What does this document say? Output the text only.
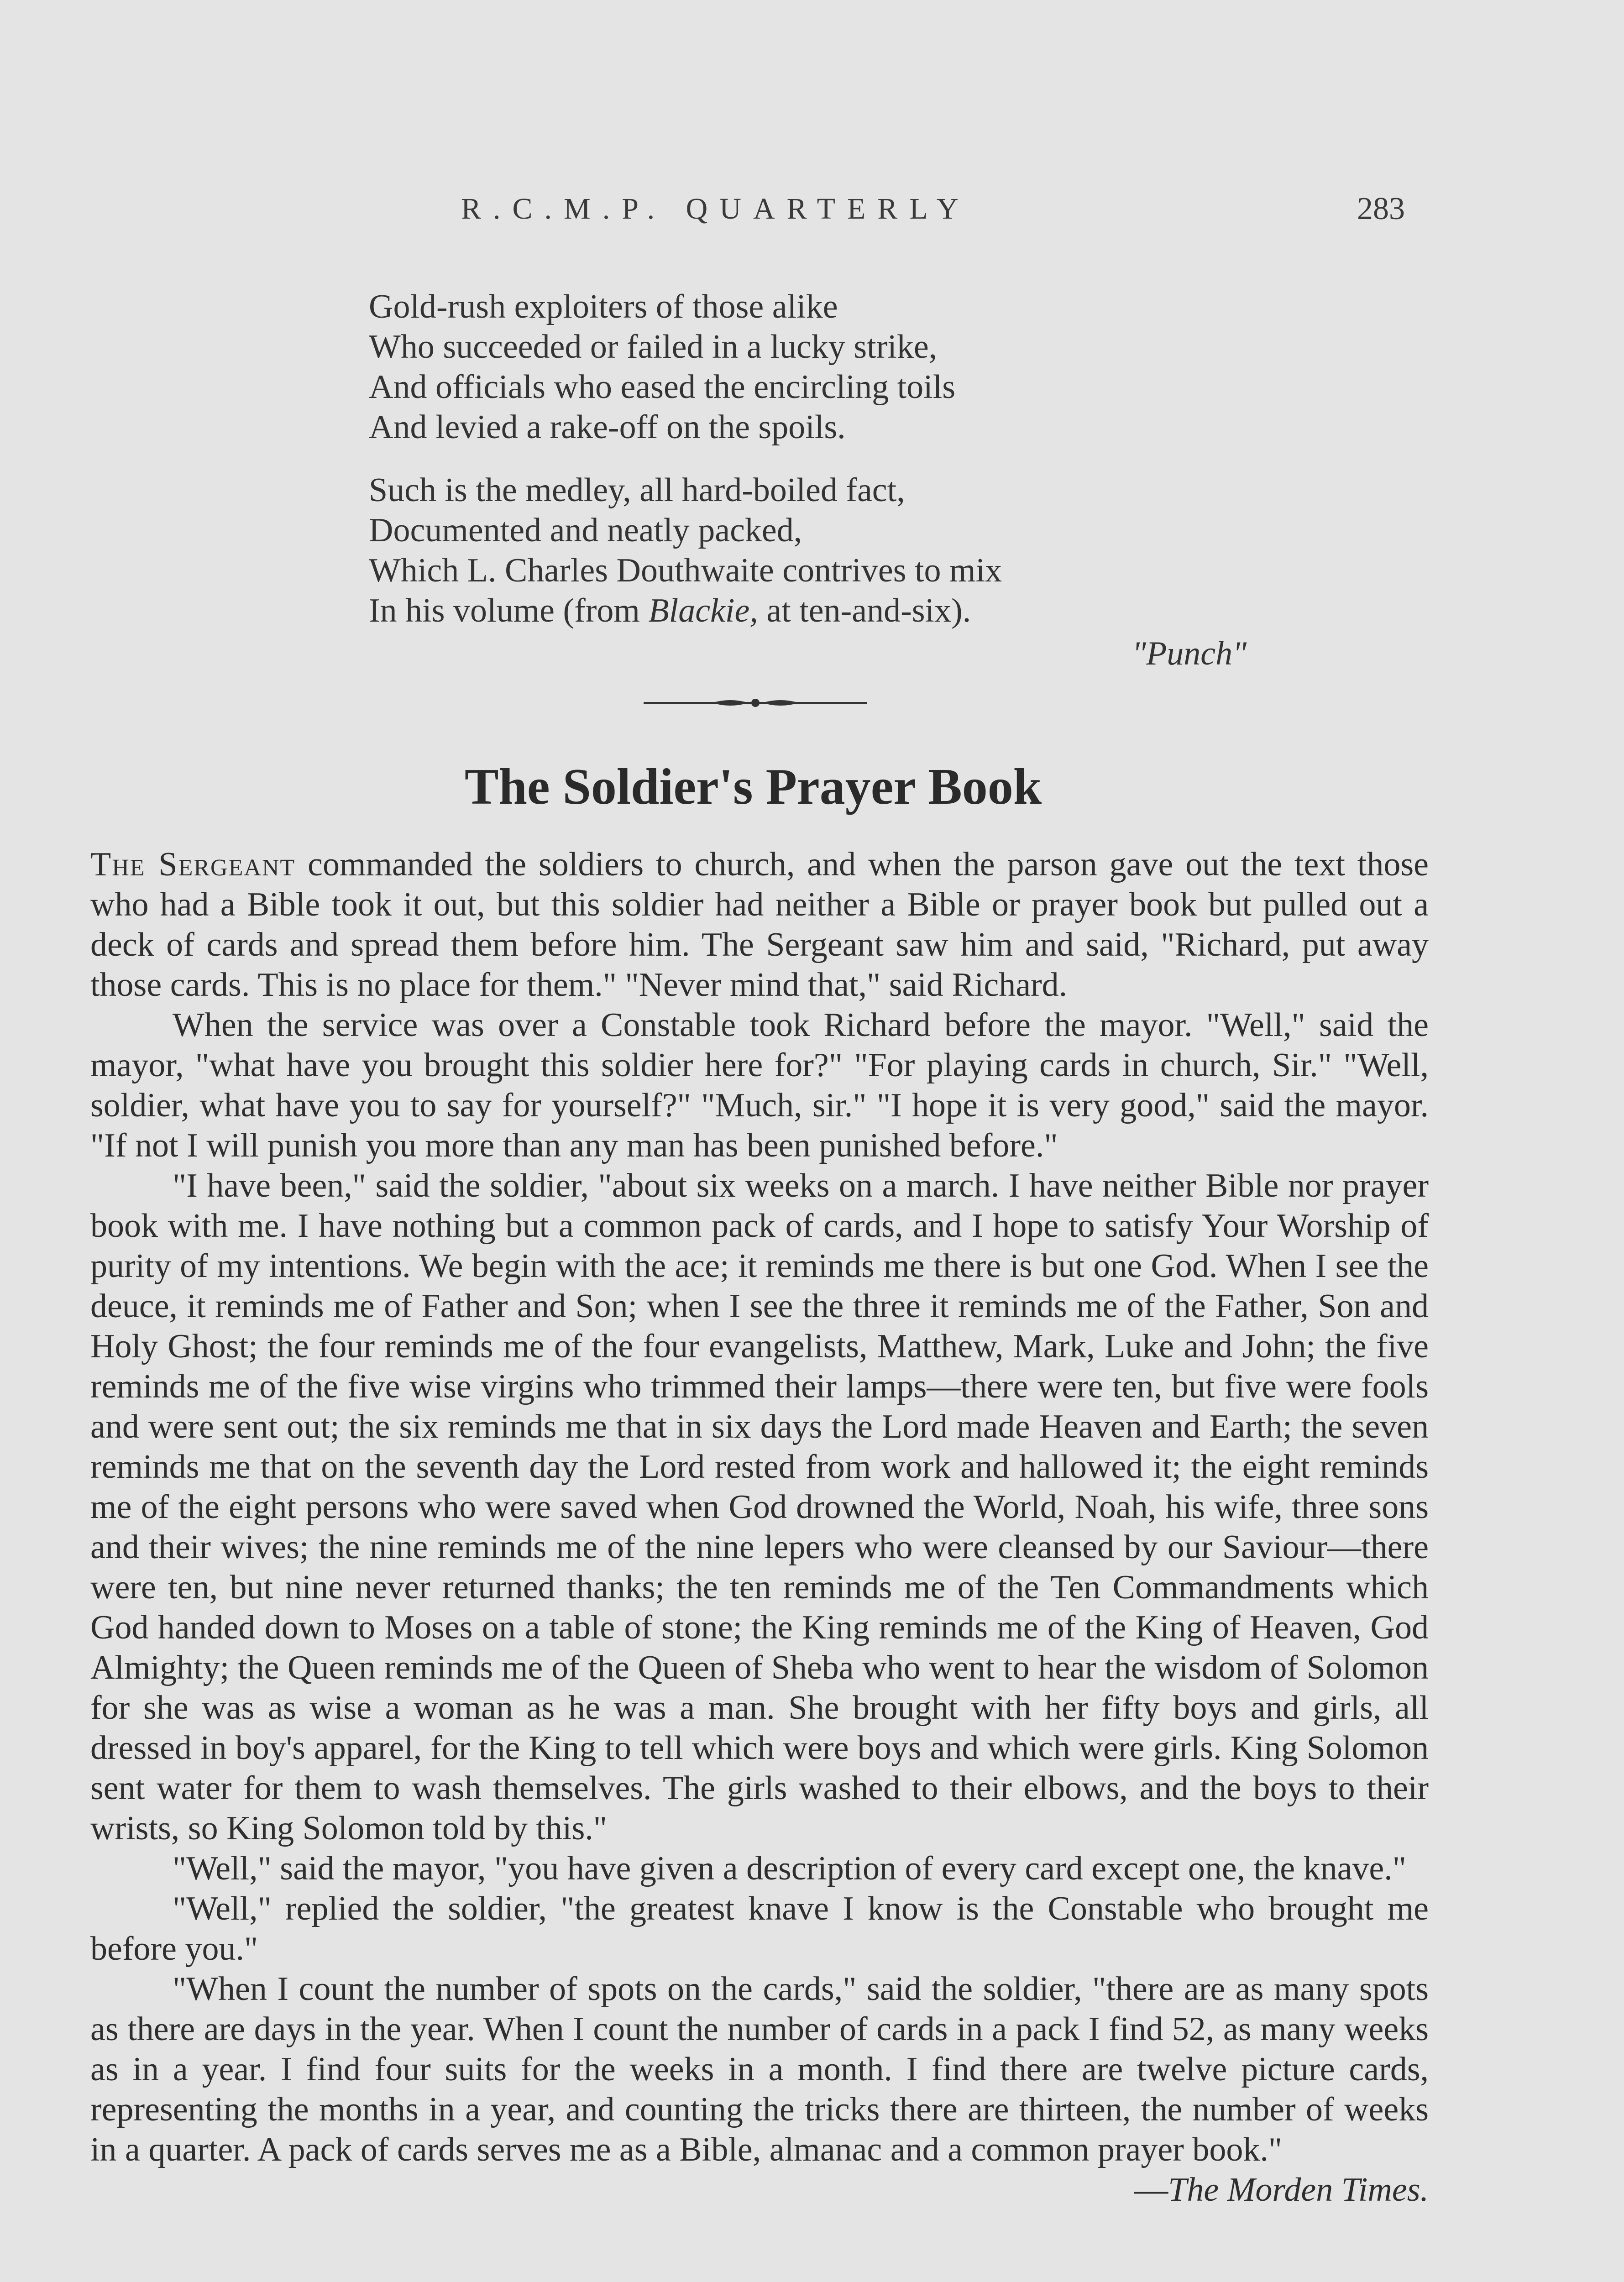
R.C.M.P. QUARTERLY	283
Gold-rush exploiters of those alike
Who succeeded or failed in a lucky strike,
And officials who eased the encircling toils
And levied a rake-off on the spoils.
Such is the medley, all hard-boiled fact,
Documented and neatly packed,
Which L. Charles Douthwaite contrives to mix
In his volume (from Blackie, at ten-and-six).
"Punch"
The Soldier's Prayer Book

The Sergeant commanded the soldiers to church, and when the parson gave out the text those who had a Bible took it out, but this soldier had neither a Bible or prayer book but pulled out a deck of cards and spread them before him. The Sergeant saw him and said, "Richard, put away those cards. This is no place for them." "Never mind that," said Richard.

When the service was over a Constable took Richard before the mayor. "Well," said the mayor, "what have you brought this soldier here for?" "For playing cards in church, Sir." "Well, soldier, what have you to say for yourself?" "Much, sir." "I hope it is very good," said the mayor. "If not I will punish you more than any man has been punished before."

"I have been," said the soldier, "about six weeks on a march. I have neither Bible nor prayer book with me. I have nothing but a common pack of cards, and I hope to satisfy Your Worship of purity of my intentions. We begin with the ace; it reminds me there is but one God. When I see the deuce, it reminds me of Father and Son; when I see the three it reminds me of the Father, Son and Holy Ghost; the four reminds me of the four evangelists, Matthew, Mark, Luke and John; the five reminds me of the five wise virgins who trimmed their lamps—there were ten, but five were fools and were sent out; the six reminds me that in six days the Lord made Heaven and Earth; the seven reminds me that on the seventh day the Lord rested from work and hallowed it; the eight reminds me of the eight persons who were saved when God drowned the World, Noah, his wife, three sons and their wives; the nine reminds me of the nine lepers who were cleansed by our Saviour—there were ten, but nine never returned thanks; the ten reminds me of the Ten Commandments which God handed down to Moses on a table of stone; the King reminds me of the King of Heaven, God Almighty; the Queen reminds me of the Queen of Sheba who went to hear the wisdom of Solomon for she was as wise a woman as he was a man. She brought with her fifty boys and girls, all dressed in boy's apparel, for the King to tell which were boys and which were girls. King Solomon sent water for them to wash themselves. The girls washed to their elbows, and the boys to their wrists, so King Solomon told by this."

"Well," said the mayor, "you have given a description of every card except one, the knave."

"Well," replied the soldier, "the greatest knave I know is the Constable who brought me before you."

"When I count the number of spots on the cards," said the soldier, "there are as many spots as there are days in the year. When I count the number of cards in a pack I find 52, as many weeks as in a year. I find four suits for the weeks in a month. I find there are twelve picture cards, representing the months in a year, and counting the tricks there are thirteen, the number of weeks in a quarter. A pack of cards serves me as a Bible, almanac and a common prayer book."
—The Morden Times.
